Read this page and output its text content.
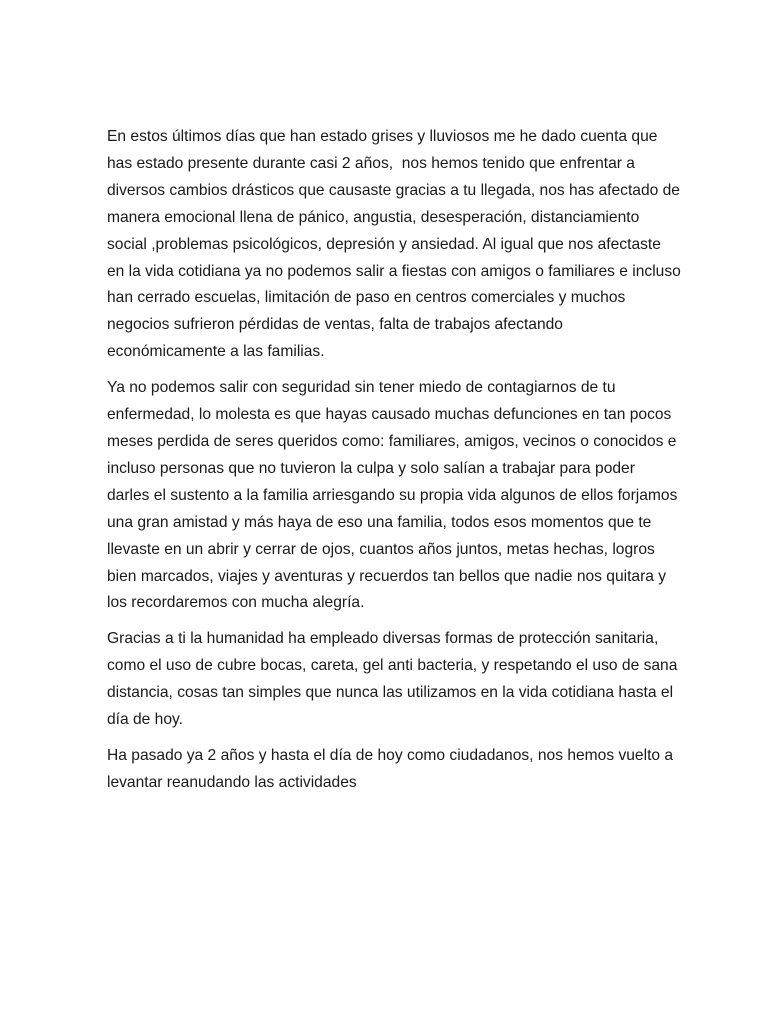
En estos últimos días que han estado grises y lluviosos me he dado cuenta que
has estado presente durante casi 2 años,  nos hemos tenido que enfrentar a
diversos cambios drásticos que causaste gracias a tu llegada, nos has afectado de
manera emocional llena de pánico, angustia, desesperación, distanciamiento
social ,problemas psicológicos, depresión y ansiedad. Al igual que nos afectaste
en la vida cotidiana ya no podemos salir a fiestas con amigos o familiares e incluso
han cerrado escuelas, limitación de paso en centros comerciales y muchos
negocios sufrieron pérdidas de ventas, falta de trabajos afectando
económicamente a las familias.

Ya no podemos salir con seguridad sin tener miedo de contagiarnos de tu
enfermedad, lo molesta es que hayas causado muchas defunciones en tan pocos
meses perdida de seres queridos como: familiares, amigos, vecinos o conocidos e
incluso personas que no tuvieron la culpa y solo salían a trabajar para poder
darles el sustento a la familia arriesgando su propia vida algunos de ellos forjamos
una gran amistad y más haya de eso una familia, todos esos momentos que te
llevaste en un abrir y cerrar de ojos, cuantos años juntos, metas hechas, logros
bien marcados, viajes y aventuras y recuerdos tan bellos que nadie nos quitara y
los recordaremos con mucha alegría.

Gracias a ti la humanidad ha empleado diversas formas de protección sanitaria,
como el uso de cubre bocas, careta, gel anti bacteria, y respetando el uso de sana
distancia, cosas tan simples que nunca las utilizamos en la vida cotidiana hasta el
día de hoy.

Ha pasado ya 2 años y hasta el día de hoy como ciudadanos, nos hemos vuelto a
levantar reanudando las actividades
